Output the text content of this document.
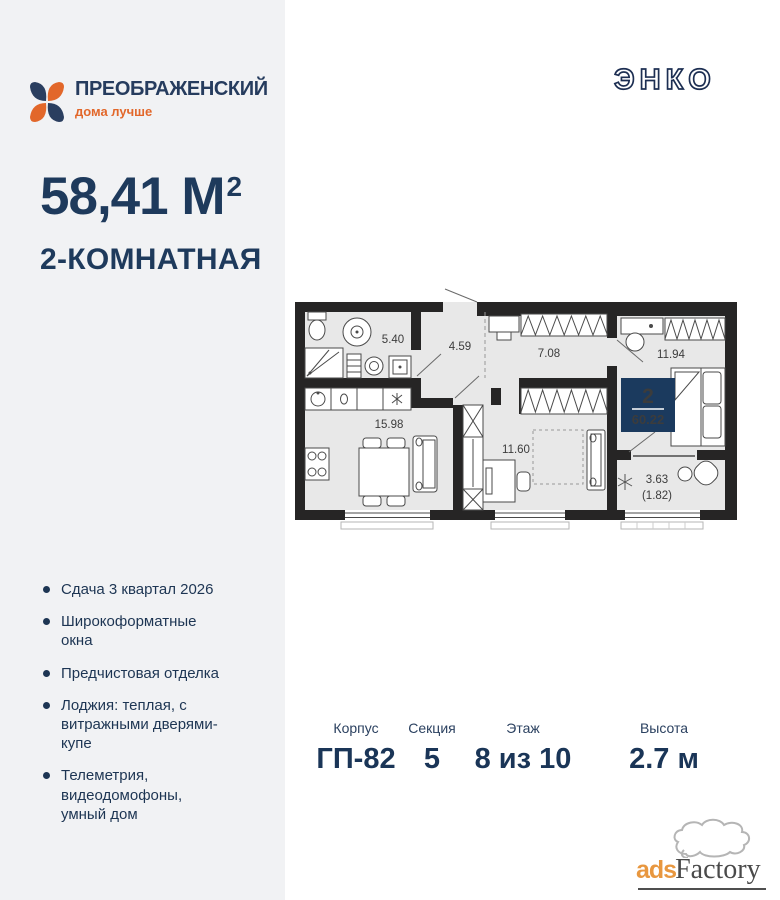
ПРЕОБРАЖЕНСКИЙ
дома лучше
ЭНКО
58,41 $М^2$
2-КОМНАТНАЯ
5.40
4.59
7.08	11.94
15.98
11.60
3.63
(1.82)
2
60.22
Сдача 3 квартал 2026
Широкоформатные окна
Предчистовая отделка
Лоджия: теплая, с витражными дверями-купе
Телеметрия, видеодомофоны, умный дом
Корпус
ГП-82
Секция
5
Этаж
8 из 10
Высота
2.7 м
adsFactory
